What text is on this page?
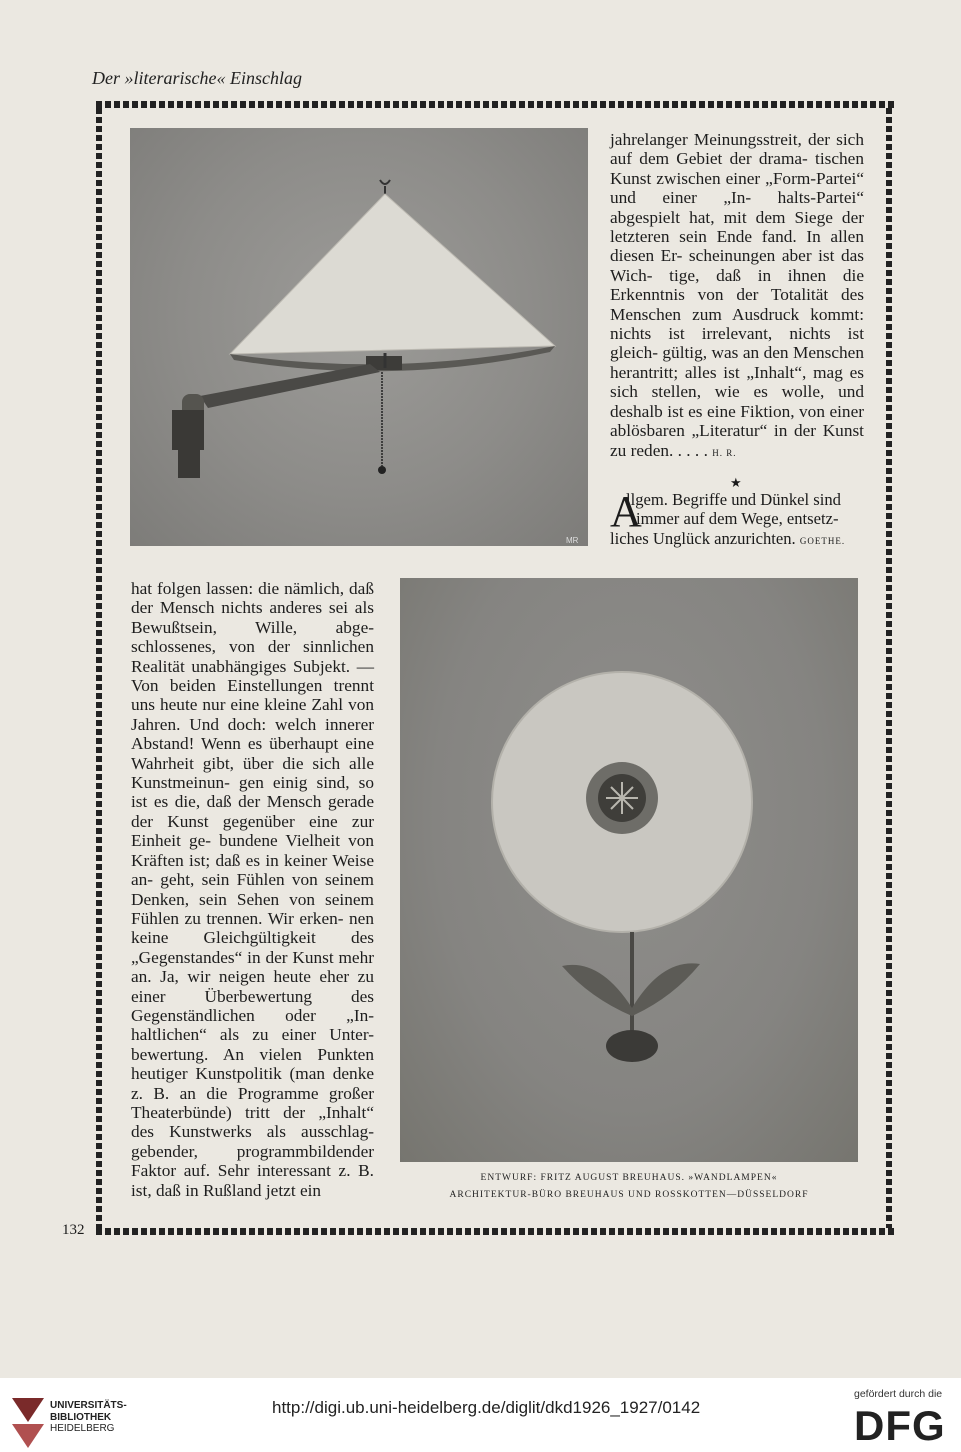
Der »literarische« Einschlag
MR

jahrelanger Meinungsstreit, der sich auf dem Gebiet der drama- tischen Kunst zwischen einer „Form-Partei“ und einer „In- halts-Partei“ abgespielt hat, mit dem Siege der letzteren sein Ende fand. In allen diesen Er- scheinungen aber ist das Wich- tige, daß in ihnen die Erkenntnis von der Totalität des Menschen zum Ausdruck kommt: nichts ist irrelevant, nichts ist gleich- gültig, was an den Menschen herantritt; alles ist „Inhalt“, mag es sich stellen, wie es wolle, und deshalb ist es eine Fiktion, von einer ablösbaren „Literatur“ in der Kunst zu reden. . . . . H. R.

★
A
llgem. Begriffe und Dünkel sind
immer auf dem Wege, entsetz-
liches Unglück anzurichten. GOETHE.

hat folgen lassen: die nämlich, daß der Mensch nichts anderes sei als Bewußtsein, Wille, abge- schlossenes, von der sinnlichen Realität unabhängiges Subjekt. — Von beiden Einstellungen trennt uns heute nur eine kleine Zahl von Jahren. Und doch: welch innerer Abstand! Wenn es überhaupt eine Wahrheit gibt, über die sich alle Kunstmeinun- gen einig sind, so ist es die, daß der Mensch gerade der Kunst gegenüber eine zur Einheit ge- bundene Vielheit von Kräften ist; daß es in keiner Weise an- geht, sein Fühlen von seinem Denken, sein Sehen von seinem Fühlen zu trennen. Wir erken- nen keine Gleichgültigkeit des „Gegenstandes“ in der Kunst mehr an. Ja, wir neigen heute eher zu einer Überbewertung des Gegenständlichen oder „In- haltlichen“ als zu einer Unter- bewertung. An vielen Punkten heutiger Kunstpolitik (man denke z. B. an die Programme großer Theaterbünde) tritt der „Inhalt“ des Kunstwerks als ausschlag- gebender, programmbildender Faktor auf. Sehr interessant z. B. ist, daß in Rußland jetzt ein

ENTWURF: FRITZ AUGUST BREUHAUS. »WANDLAMPEN«
ARCHITEKTUR-BÜRO BREUHAUS UND ROSSKOTTEN—DÜSSELDORF
132
UNIVERSITÄTS-
BIBLIOTHEK
HEIDELBERG
http://digi.ub.uni-heidelberg.de/diglit/dkd1926_1927/0142
gefördert durch die
DFG
